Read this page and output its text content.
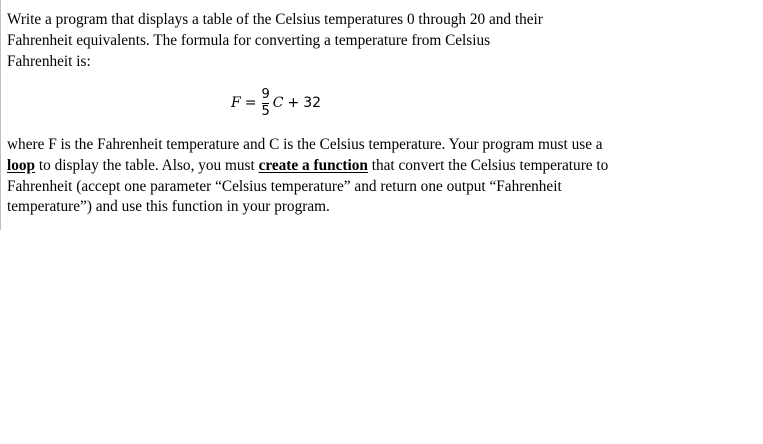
Write a program that displays a table of the Celsius temperatures 0 through 20 and their
Fahrenheit equivalents. The formula for converting a temperature from Celsius
Fahrenheit is:

$F = \frac{9}{5}$ C + 32

where F is the Fahrenheit temperature and C is the Celsius temperature. Your program must use a loop to display the table. Also, you must create a function that convert the Celsius temperature to Fahrenheit (accept one parameter “Celsius temperature” and return one output “Fahrenheit temperature”) and use this function in your program.
